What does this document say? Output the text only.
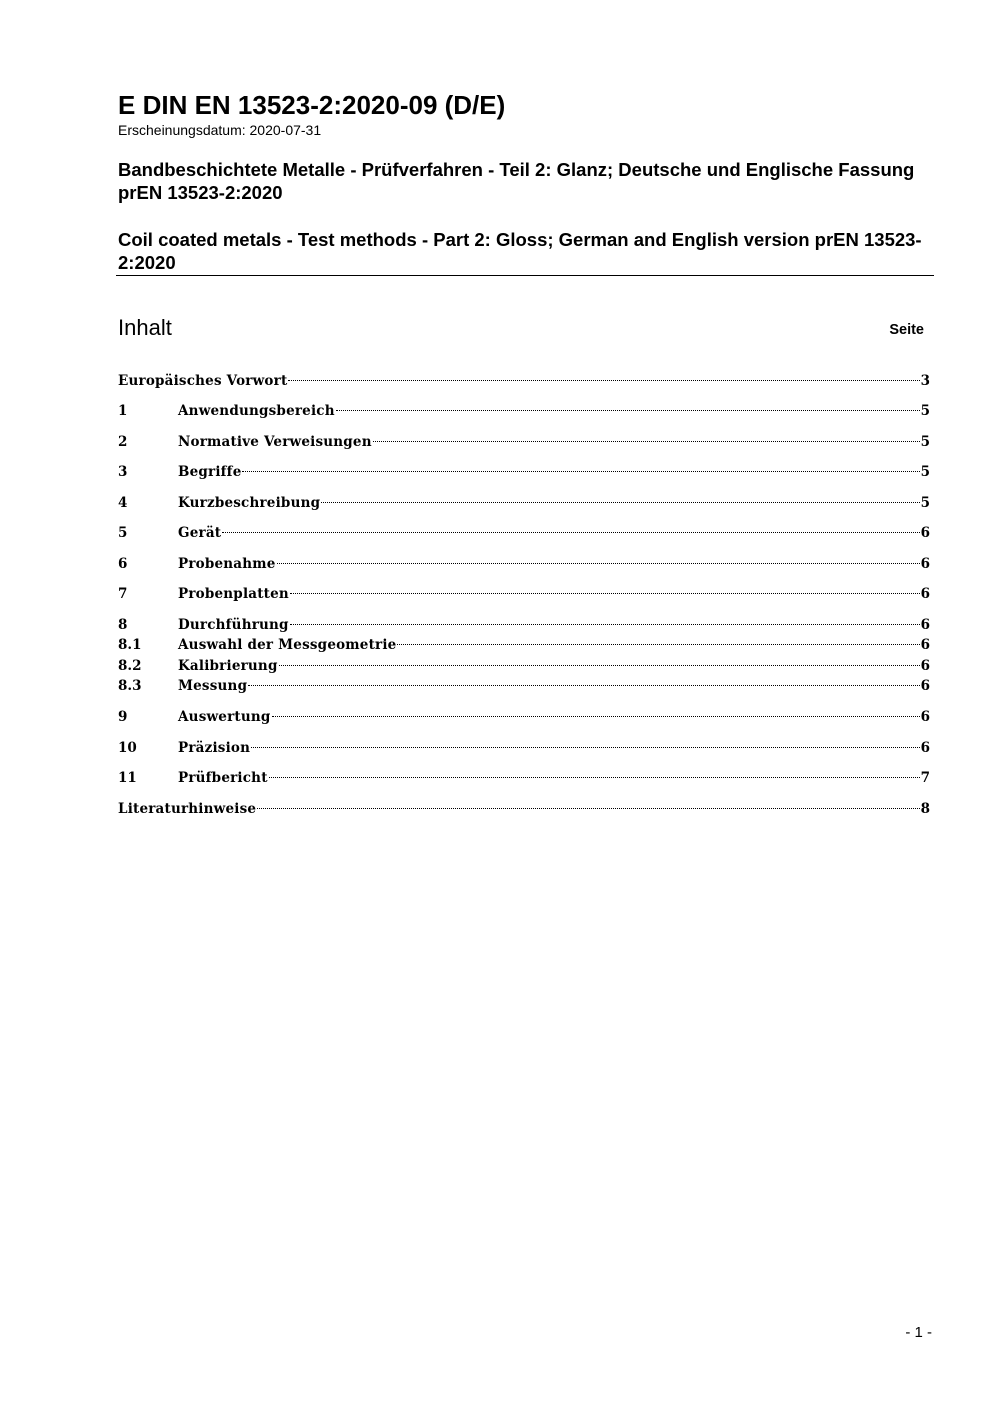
E DIN EN 13523-2:2020-09 (D/E)
Erscheinungsdatum: 2020-07-31
Bandbeschichtete Metalle - Prüfverfahren - Teil 2: Glanz; Deutsche und Englische Fassung prEN 13523-2:2020
Coil coated metals - Test methods - Part 2: Gloss; German and English version prEN 13523-2:2020
Inhalt	Seite
Europäisches Vorwort	3
1	Anwendungsbereich	5
2	Normative Verweisungen	5
3	Begriffe	5
4	Kurzbeschreibung	5
5	Gerät	6
6	Probenahme	6
7	Probenplatten	6
8	Durchführung	6
8.1	Auswahl der Messgeometrie	6
8.2	Kalibrierung	6
8.3	Messung	6
9	Auswertung	6
10	Präzision	6
11	Prüfbericht	7
Literaturhinweise	8
- 1 -
